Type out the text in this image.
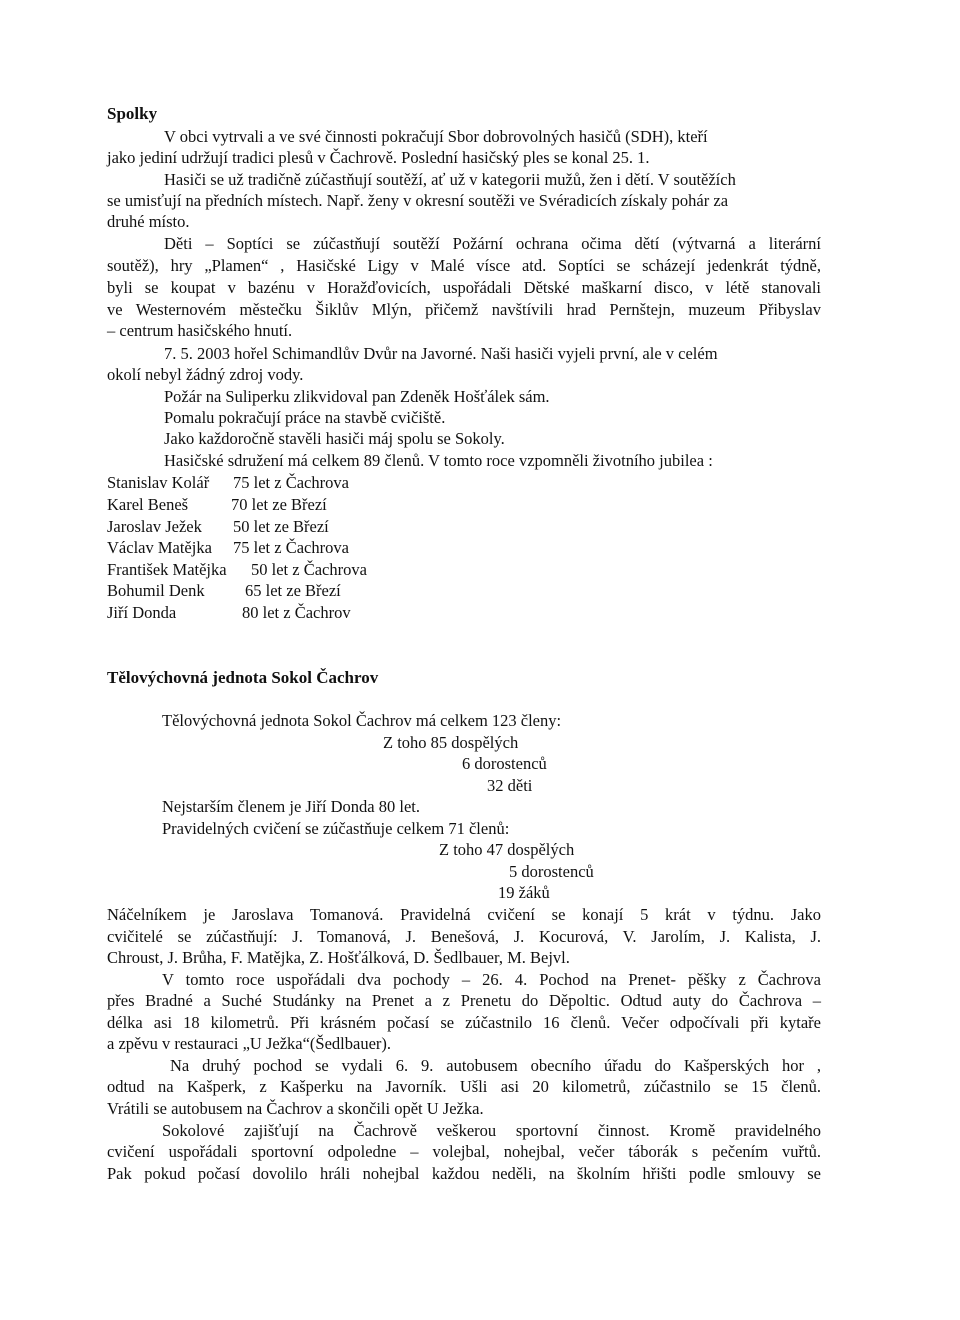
Spolky
V obci vytrvali a ve své činnosti pokračují Sbor dobrovolných hasičů (SDH), kteří
jako jediní udržují tradici plesů v Čachrově. Poslední hasičský ples se konal 25. 1.
Hasiči se už tradičně zúčastňují soutěží, ať už v kategorii mužů, žen i dětí. V soutěžích
se umisťují na předních místech. Např. ženy v okresní soutěži ve Svéradicích získaly pohár za
druhé místo.
Děti – Soptíci se zúčastňují soutěží Požární ochrana očima dětí (výtvarná a literární
soutěž), hry „Plamen“ , Hasičské Ligy v Malé vísce atd. Soptíci se scházejí jedenkrát týdně,
byli se koupat v bazénu v Horažďovicích, uspořádali Dětské maškarní disco, v létě stanovali
ve Westernovém městečku Šiklův Mlýn, přičemž navštívili hrad Pernštejn, muzeum Přibyslav
– centrum hasičského hnutí.
7. 5. 2003 hořel Schimandlův Dvůr na Javorné. Naši hasiči vyjeli první, ale v celém
okolí nebyl žádný zdroj vody.
Požár na Suliperku zlikvidoval pan Zdeněk Hošťálek sám.
Pomalu pokračují práce na stavbě cvičiště.
Jako každoročně stavěli hasiči máj spolu se Sokoly.
Hasičské sdružení má celkem 89 členů. V tomto roce vzpomněli životního jubilea :
Stanislav Kolář 75 let z Čachrova
Karel Beneš	70 let ze Březí
Jaroslav Ježek 50 let ze Březí
Václav Matějka 75 let z Čachrova
František Matějka 50 let z Čachrova
Bohumil Denk 65 let ze Březí
Jiří Donda	80 let z Čachrov
Tělovýchovná jednota Sokol Čachrov
Tělovýchovná jednota Sokol Čachrov má celkem 123 členy:
Z toho 85 dospělých
6 dorostenců
32 děti
Nejstarším členem je Jiří Donda 80 let.
Pravidelných cvičení se zúčastňuje celkem 71 členů:
Z toho 47 dospělých
5 dorostenců
19 žáků
Náčelníkem je Jaroslava Tomanová. Pravidelná cvičení se konají 5 krát v týdnu. Jako
cvičitelé se zúčastňují: J. Tomanová, J. Benešová, J. Kocurová, V. Jarolím, J. Kalista, J.
Chroust, J. Brůha, F. Matějka, Z. Hošťálková, D. Šedlbauer, M. Bejvl.
V tomto roce uspořádali dva pochody – 26. 4. Pochod na Prenet- pěšky z Čachrova
přes Bradné a Suché Studánky na Prenet a z Prenetu do Děpoltic. Odtud auty do Čachrova –
délka asi 18 kilometrů. Při krásném počasí se zúčastnilo 16 členů. Večer odpočívali při kytaře
a zpěvu v restauraci „U Ježka“(Šedlbauer).
Na druhý pochod se vydali 6. 9. autobusem obecního úřadu do Kašperských hor ,
odtud na Kašperk, z Kašperku na Javorník. Ušli asi 20 kilometrů, zúčastnilo se 15 členů.
Vrátili se autobusem na Čachrov a skončili opět U Ježka.
Sokolové zajišťují na Čachrově veškerou sportovní činnost. Kromě pravidelného
cvičení uspořádali sportovní odpoledne – volejbal, nohejbal, večer táborák s pečením vuřtů.
Pak pokud počasí dovolilo hráli nohejbal každou neděli, na školním hřišti podle smlouvy se
